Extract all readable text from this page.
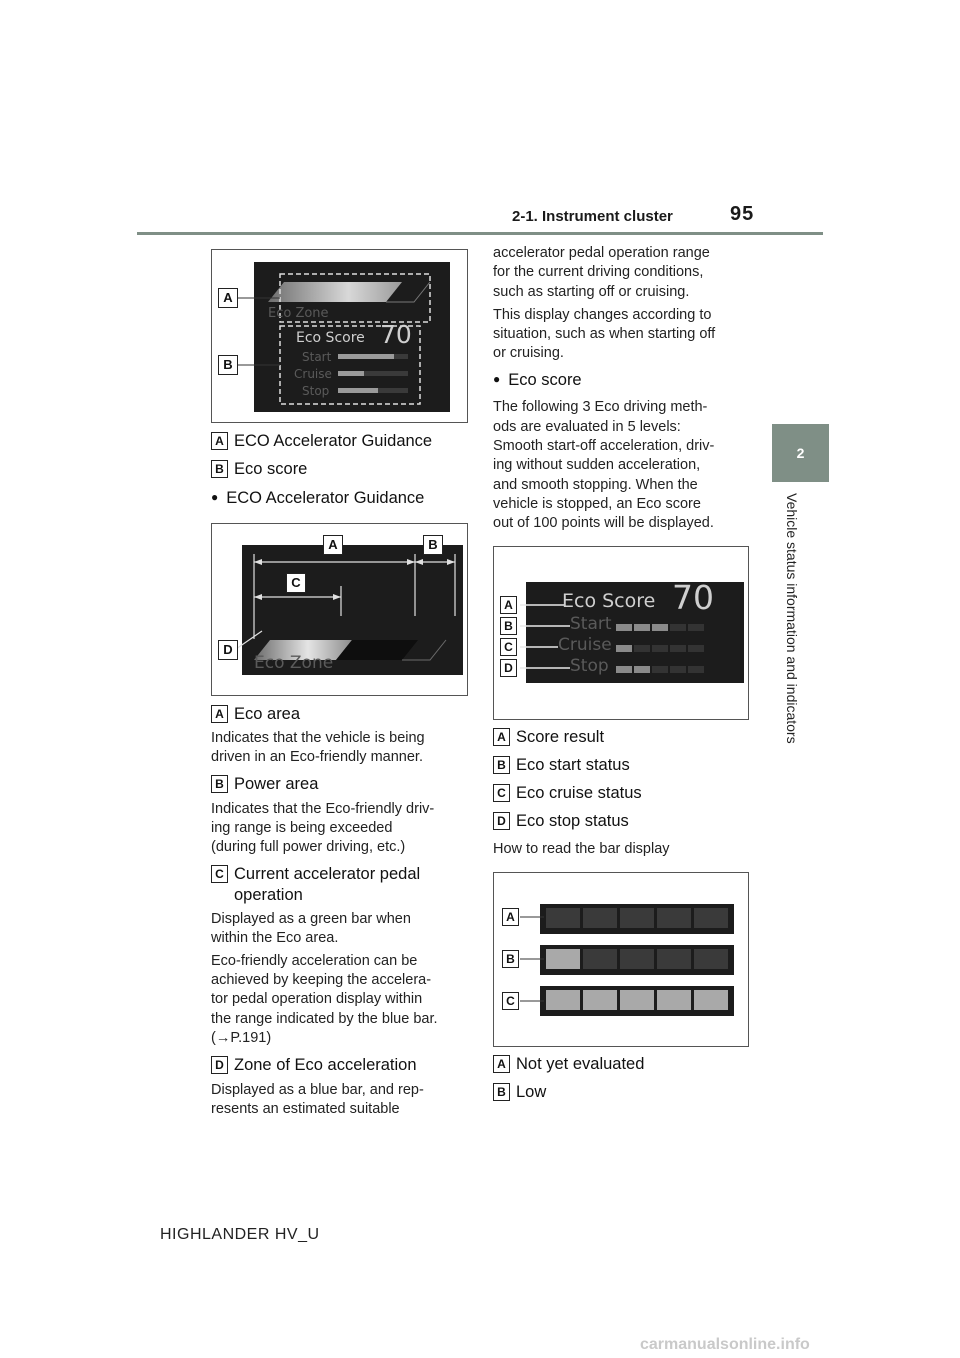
2-1. Instrument cluster	95
2
Vehicle status information and indicators
Eco Zone
Eco Score 70
Start
Cruise
Stop
A
B
A ECO Accelerator Guidance
B Eco score
● ECO Accelerator Guidance
Eco Zone
A	B
C
D
A Eco area
Indicates that the vehicle is being
driven in an Eco-friendly manner.
B Power area
Indicates that the Eco-friendly driv-
ing range is being exceeded
(during full power driving, etc.)
C Current accelerator pedal
operation
Displayed as a green bar when
within the Eco area.
Eco-friendly acceleration can be
achieved by keeping the accelera-
tor pedal operation display within
the range indicated by the blue bar.
(→P.191)
D Zone of Eco acceleration
Displayed as a blue bar, and rep-
resents an estimated suitable
accelerator pedal operation range
for the current driving conditions,
such as starting off or cruising.
This display changes according to
situation, such as when starting off
or cruising.
● Eco score
The following 3 Eco driving meth-
ods are evaluated in 5 levels:
Smooth start-off acceleration, driv-
ing without sudden acceleration,
and smooth stopping. When the
vehicle is stopped, an Eco score
out of 100 points will be displayed.
Eco Score 70
Start
Cruise
Stop
A
B
C
D
A Score result
B Eco start status
C Eco cruise status
D Eco stop status
How to read the bar display
A
B
C
A Not yet evaluated
B Low
HIGHLANDER HV_U
carmanualsonline.info
